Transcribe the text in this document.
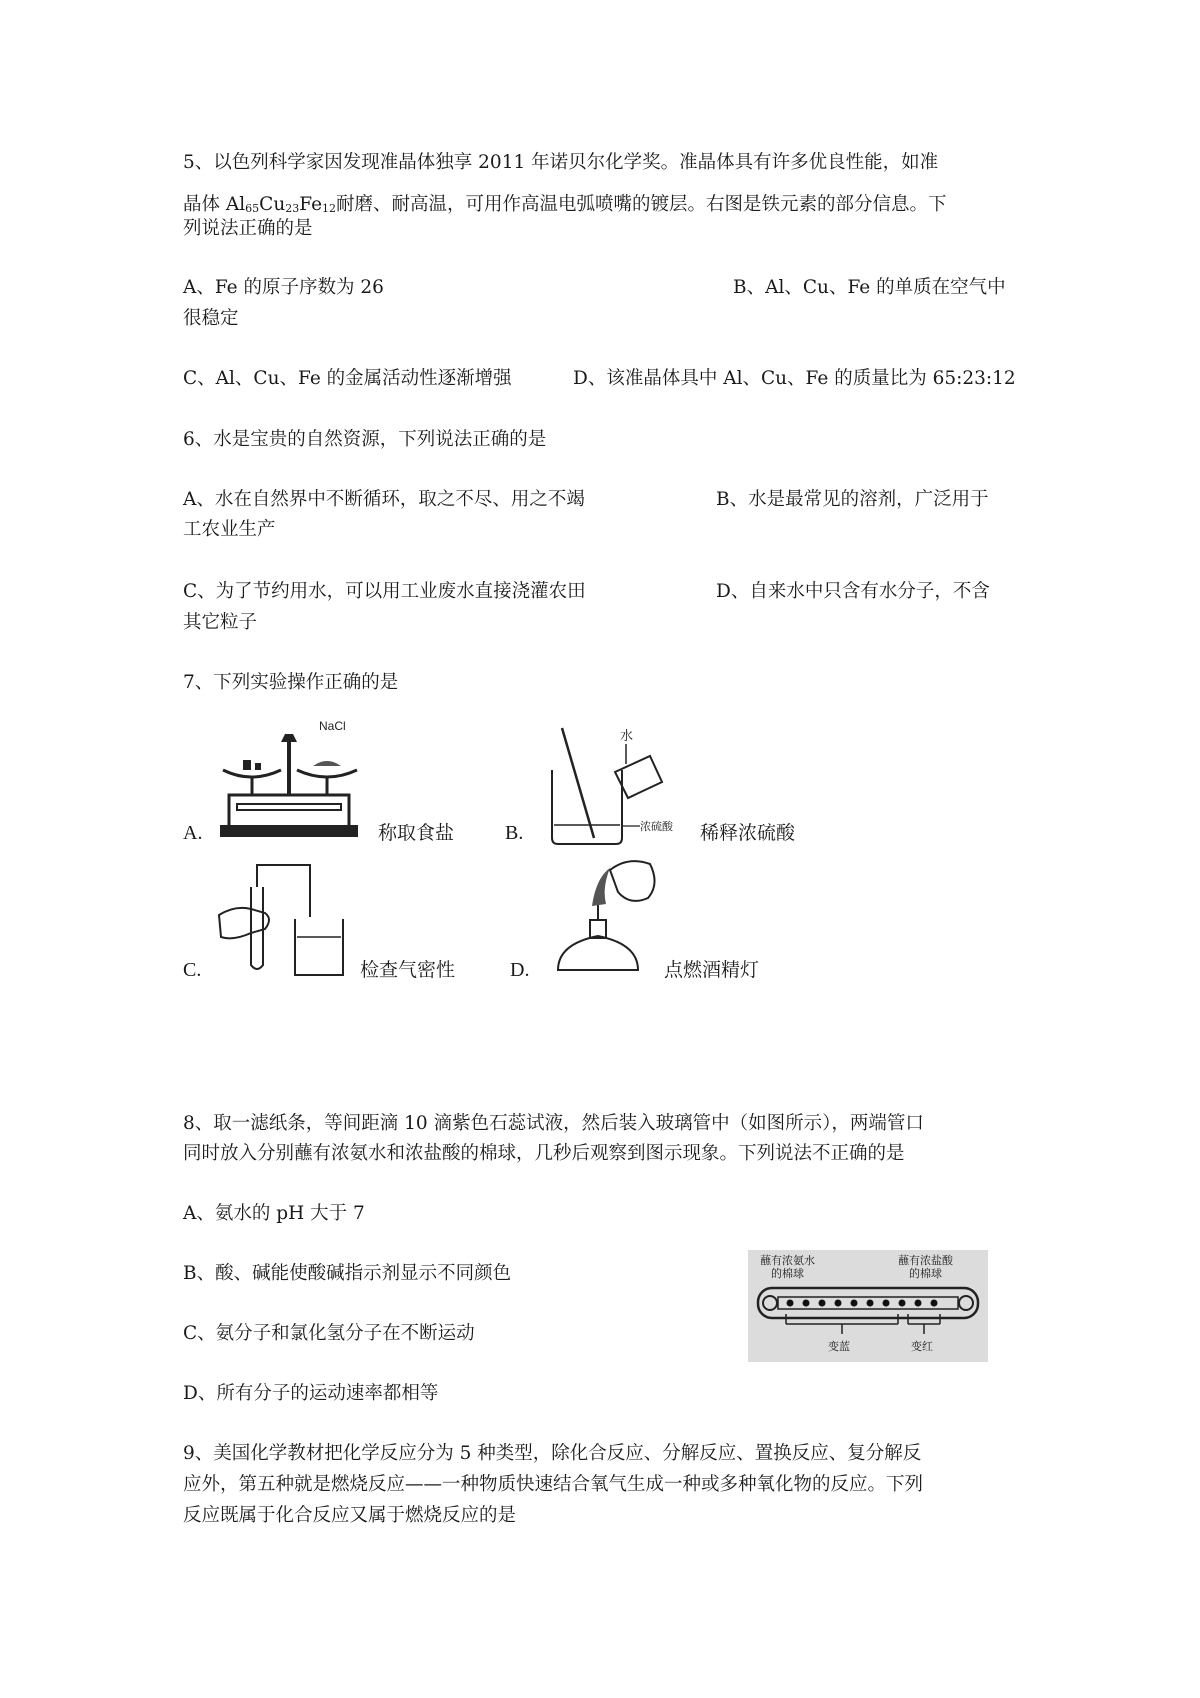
5、以色列科学家因发现准晶体独享 2011 年诺贝尔化学奖。准晶体具有许多优良性能，如准
晶体 $Al_{65}Cu_{23}Fe_{12}$耐磨、耐高温，可用作高温电弧喷嘴的镀层。右图是铁元素的部分信息。下
列说法正确的是
A、Fe 的原子序数为 26	B、Al、Cu、Fe 的单质在空气中
很稳定
C、Al、Cu、Fe 的金属活动性逐渐增强	D、该准晶体具中 Al、Cu、Fe 的质量比为 65:23:12
6、水是宝贵的自然资源，下列说法正确的是
A、水在自然界中不断循环，取之不尽、用之不竭	B、水是最常见的溶剂，广泛用于
工农业生产
C、为了节约用水，可以用工业废水直接浇灌农田	D、自来水中只含有水分子，不含
其它粒子
7、下列实验操作正确的是
A.
NaCl
称取食盐	B.
水
浓硫酸 稀释浓硫酸
C.	检查气密性	D.	点燃酒精灯
8、取一滤纸条，等间距滴 10 滴紫色石蕊试液，然后装入玻璃管中（如图所示），两端管口
同时放入分别蘸有浓氨水和浓盐酸的棉球，几秒后观察到图示现象。下列说法不正确的是
A、氨水的 pH 大于 7
B、酸、碱能使酸碱指示剂显示不同颜色
C、氨分子和氯化氢分子在不断运动
D、所有分子的运动速率都相等
蘸有浓氨水
的棉球
蘸有浓盐酸
的棉球
变蓝	变红
9、美国化学教材把化学反应分为 5 种类型，除化合反应、分解反应、置换反应、复分解反
应外，第五种就是燃烧反应——一种物质快速结合氧气生成一种或多种氧化物的反应。下列
反应既属于化合反应又属于燃烧反应的是
